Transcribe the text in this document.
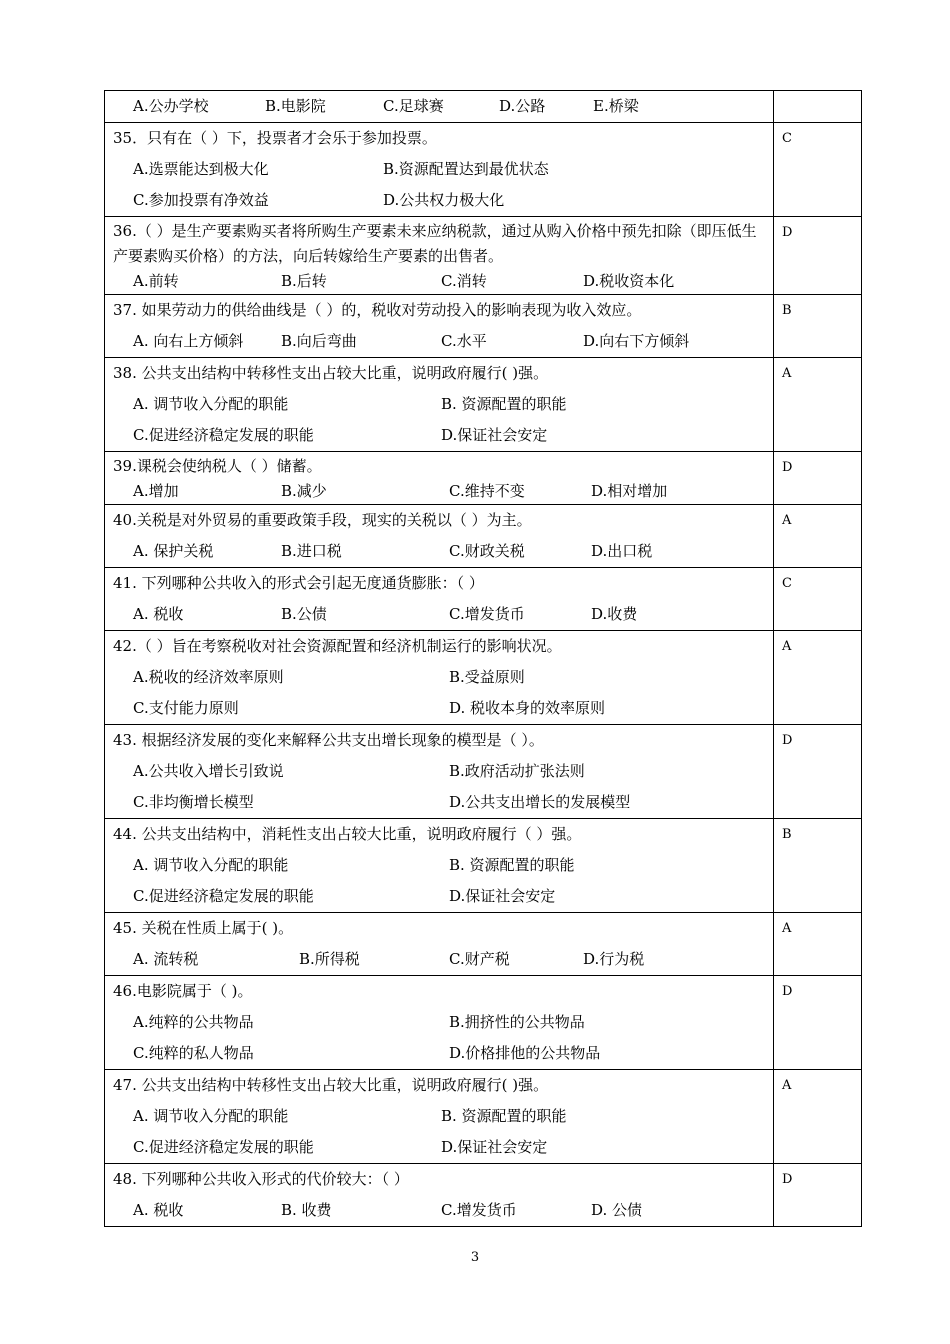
A.公办学校 B.电影院 C.足球赛 D.公路 E.桥梁	

35．只有在（ ）下，投票者才会乐于参加投票。
A.选票能达到极大化 B.资源配置达到最优状态
C.参加投票有净效益 D.公共权力极大化	C

36.（ ）是生产要素购买者将所购生产要素未来应纳税款，通过从购入价格中预先扣除（即压低生产要素购买价格）的方法，向后转嫁给生产要素的出售者。
A.前转 B.后转 C.消转 D.税收资本化	D

37. 如果劳动力的供给曲线是（ ）的，税收对劳动投入的影响表现为收入效应。
A. 向右上方倾斜 B.向后弯曲 C.水平 D.向右下方倾斜	B

38. 公共支出结构中转移性支出占较大比重，说明政府履行( )强。
A. 调节收入分配的职能 B. 资源配置的职能
C.促进经济稳定发展的职能 D.保证社会安定	A

39.课税会使纳税人（ ）储蓄。
A.增加 B.减少 C.维持不变 D.相对增加	D

40.关税是对外贸易的重要政策手段，现实的关税以（ ）为主。
A. 保护关税 B.进口税 C.财政关税 D.出口税	A

41. 下列哪种公共收入的形式会引起无度通货膨胀：（ ）
A. 税收 B.公债 C.增发货币 D.收费	C

42.（ ）旨在考察税收对社会资源配置和经济机制运行的影响状况。
A.税收的经济效率原则 B.受益原则
C.支付能力原则 D. 税收本身的效率原则	A

43. 根据经济发展的变化来解释公共支出增长现象的模型是（ ）。
A.公共收入增长引致说 B.政府活动扩张法则
C.非均衡增长模型 D.公共支出增长的发展模型	D

44. 公共支出结构中，消耗性支出占较大比重，说明政府履行（ ）强。
A. 调节收入分配的职能 B. 资源配置的职能
C.促进经济稳定发展的职能 D.保证社会安定	B

45. 关税在性质上属于( )。
A. 流转税 B.所得税 C.财产税 D.行为税	A

46.电影院属于（ )。
A.纯粹的公共物品 B.拥挤性的公共物品
C.纯粹的私人物品 D.价格排他的公共物品	D

47. 公共支出结构中转移性支出占较大比重，说明政府履行( )强。
A. 调节收入分配的职能 B. 资源配置的职能
C.促进经济稳定发展的职能 D.保证社会安定	A

48. 下列哪种公共收入形式的代价较大：（ ）
A. 税收 B. 收费 C.增发货币 D. 公债	D
3
